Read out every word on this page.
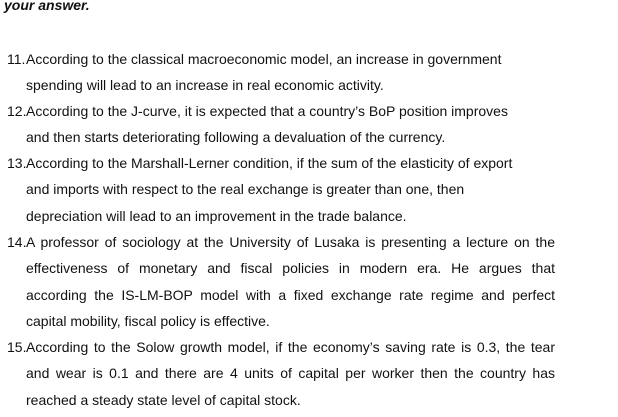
your answer.
11. According to the classical macroeconomic model, an increase in government
spending will lead to an increase in real economic activity.
12. According to the J-curve, it is expected that a country’s BoP position improves
and then starts deteriorating following a devaluation of the currency.
13. According to the Marshall-Lerner condition, if the sum of the elasticity of export
and imports with respect to the real exchange is greater than one, then
depreciation will lead to an improvement in the trade balance.
14. A professor of sociology at the University of Lusaka is presenting a lecture on the
effectiveness of monetary and fiscal policies in modern era. He argues that
according the IS-LM-BOP model with a fixed exchange rate regime and perfect
capital mobility, fiscal policy is effective.
15. According to the Solow growth model, if the economy’s saving rate is 0.3, the tear
and wear is 0.1 and there are 4 units of capital per worker then the country has
reached a steady state level of capital stock.
